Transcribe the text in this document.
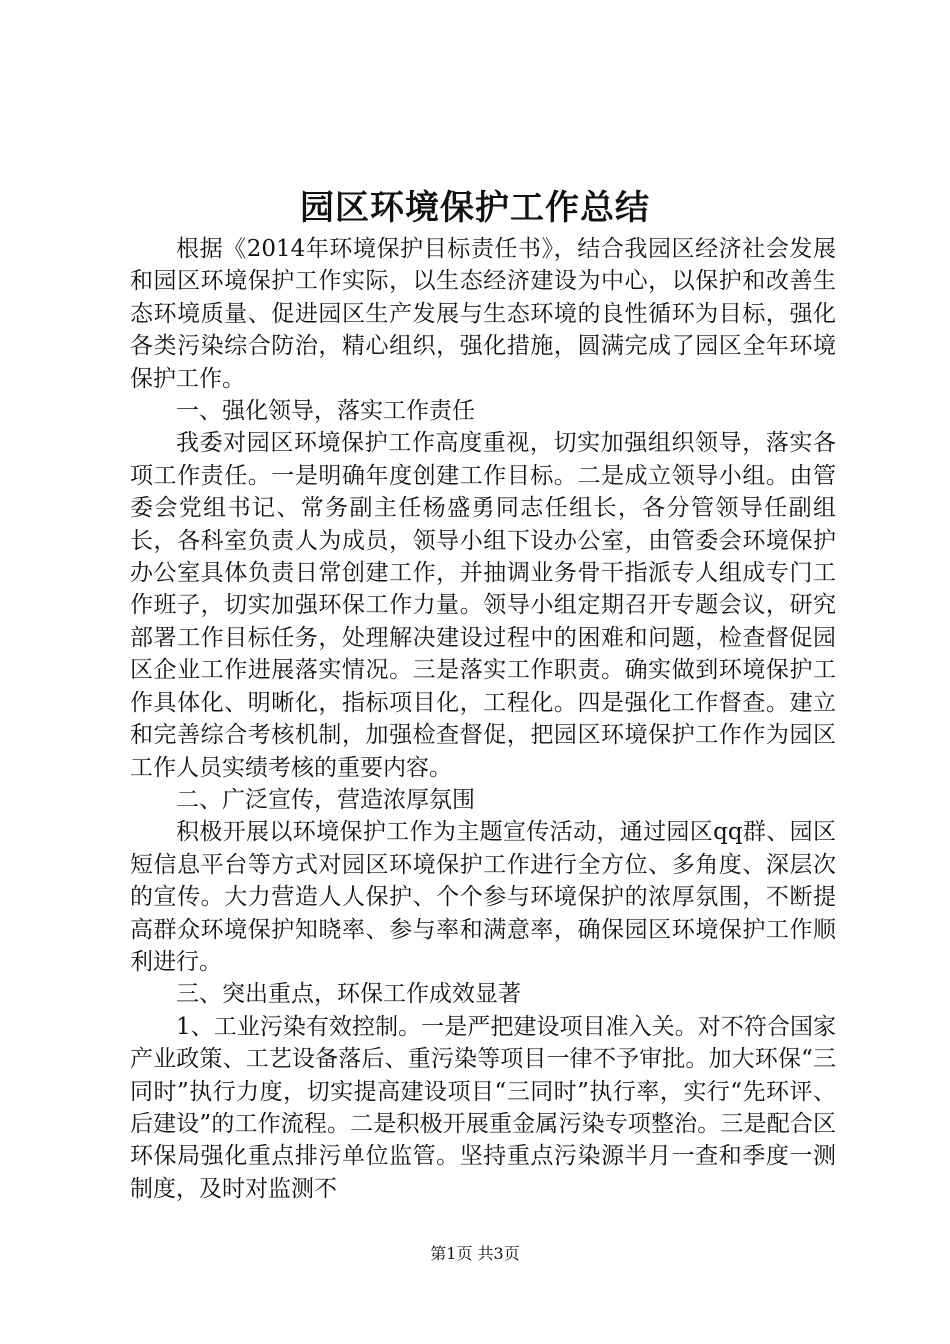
园区环境保护工作总结

根据《2014年环境保护目标责任书》，结合我园区经济社会发展和园区环境保护工作实际，以生态经济建设为中心，以保护和改善生态环境质量、促进园区生产发展与生态环境的良性循环为目标，强化各类污染综合防治，精心组织，强化措施，圆满完成了园区全年环境保护工作。

一、强化领导，落实工作责任

我委对园区环境保护工作高度重视，切实加强组织领导，落实各项工作责任。一是明确年度创建工作目标。二是成立领导小组。由管委会党组书记、常务副主任杨盛勇同志任组长，各分管领导任副组长，各科室负责人为成员，领导小组下设办公室，由管委会环境保护办公室具体负责日常创建工作，并抽调业务骨干指派专人组成专门工作班子，切实加强环保工作力量。领导小组定期召开专题会议，研究部署工作目标任务，处理解决建设过程中的困难和问题，检查督促园区企业工作进展落实情况。三是落实工作职责。确实做到环境保护工作具体化、明晰化，指标项目化，工程化。四是强化工作督查。建立和完善综合考核机制，加强检查督促，把园区环境保护工作作为园区工作人员实绩考核的重要内容。

二、广泛宣传，营造浓厚氛围

积极开展以环境保护工作为主题宣传活动，通过园区qq群、园区短信息平台等方式对园区环境保护工作进行全方位、多角度、深层次的宣传。大力营造人人保护、个个参与环境保护的浓厚氛围，不断提高群众环境保护知晓率、参与率和满意率，确保园区环境保护工作顺利进行。

三、突出重点，环保工作成效显著

1、工业污染有效控制。一是严把建设项目准入关。对不符合国家产业政策、工艺设备落后、重污染等项目一律不予审批。加大环保“三同时”执行力度，切实提高建设项目“三同时”执行率，实行“先环评、后建设”的工作流程。二是积极开展重金属污染专项整治。三是配合区环保局强化重点排污单位监管。坚持重点污染源半月一查和季度一测制度，及时对监测不

第1页 共3页
